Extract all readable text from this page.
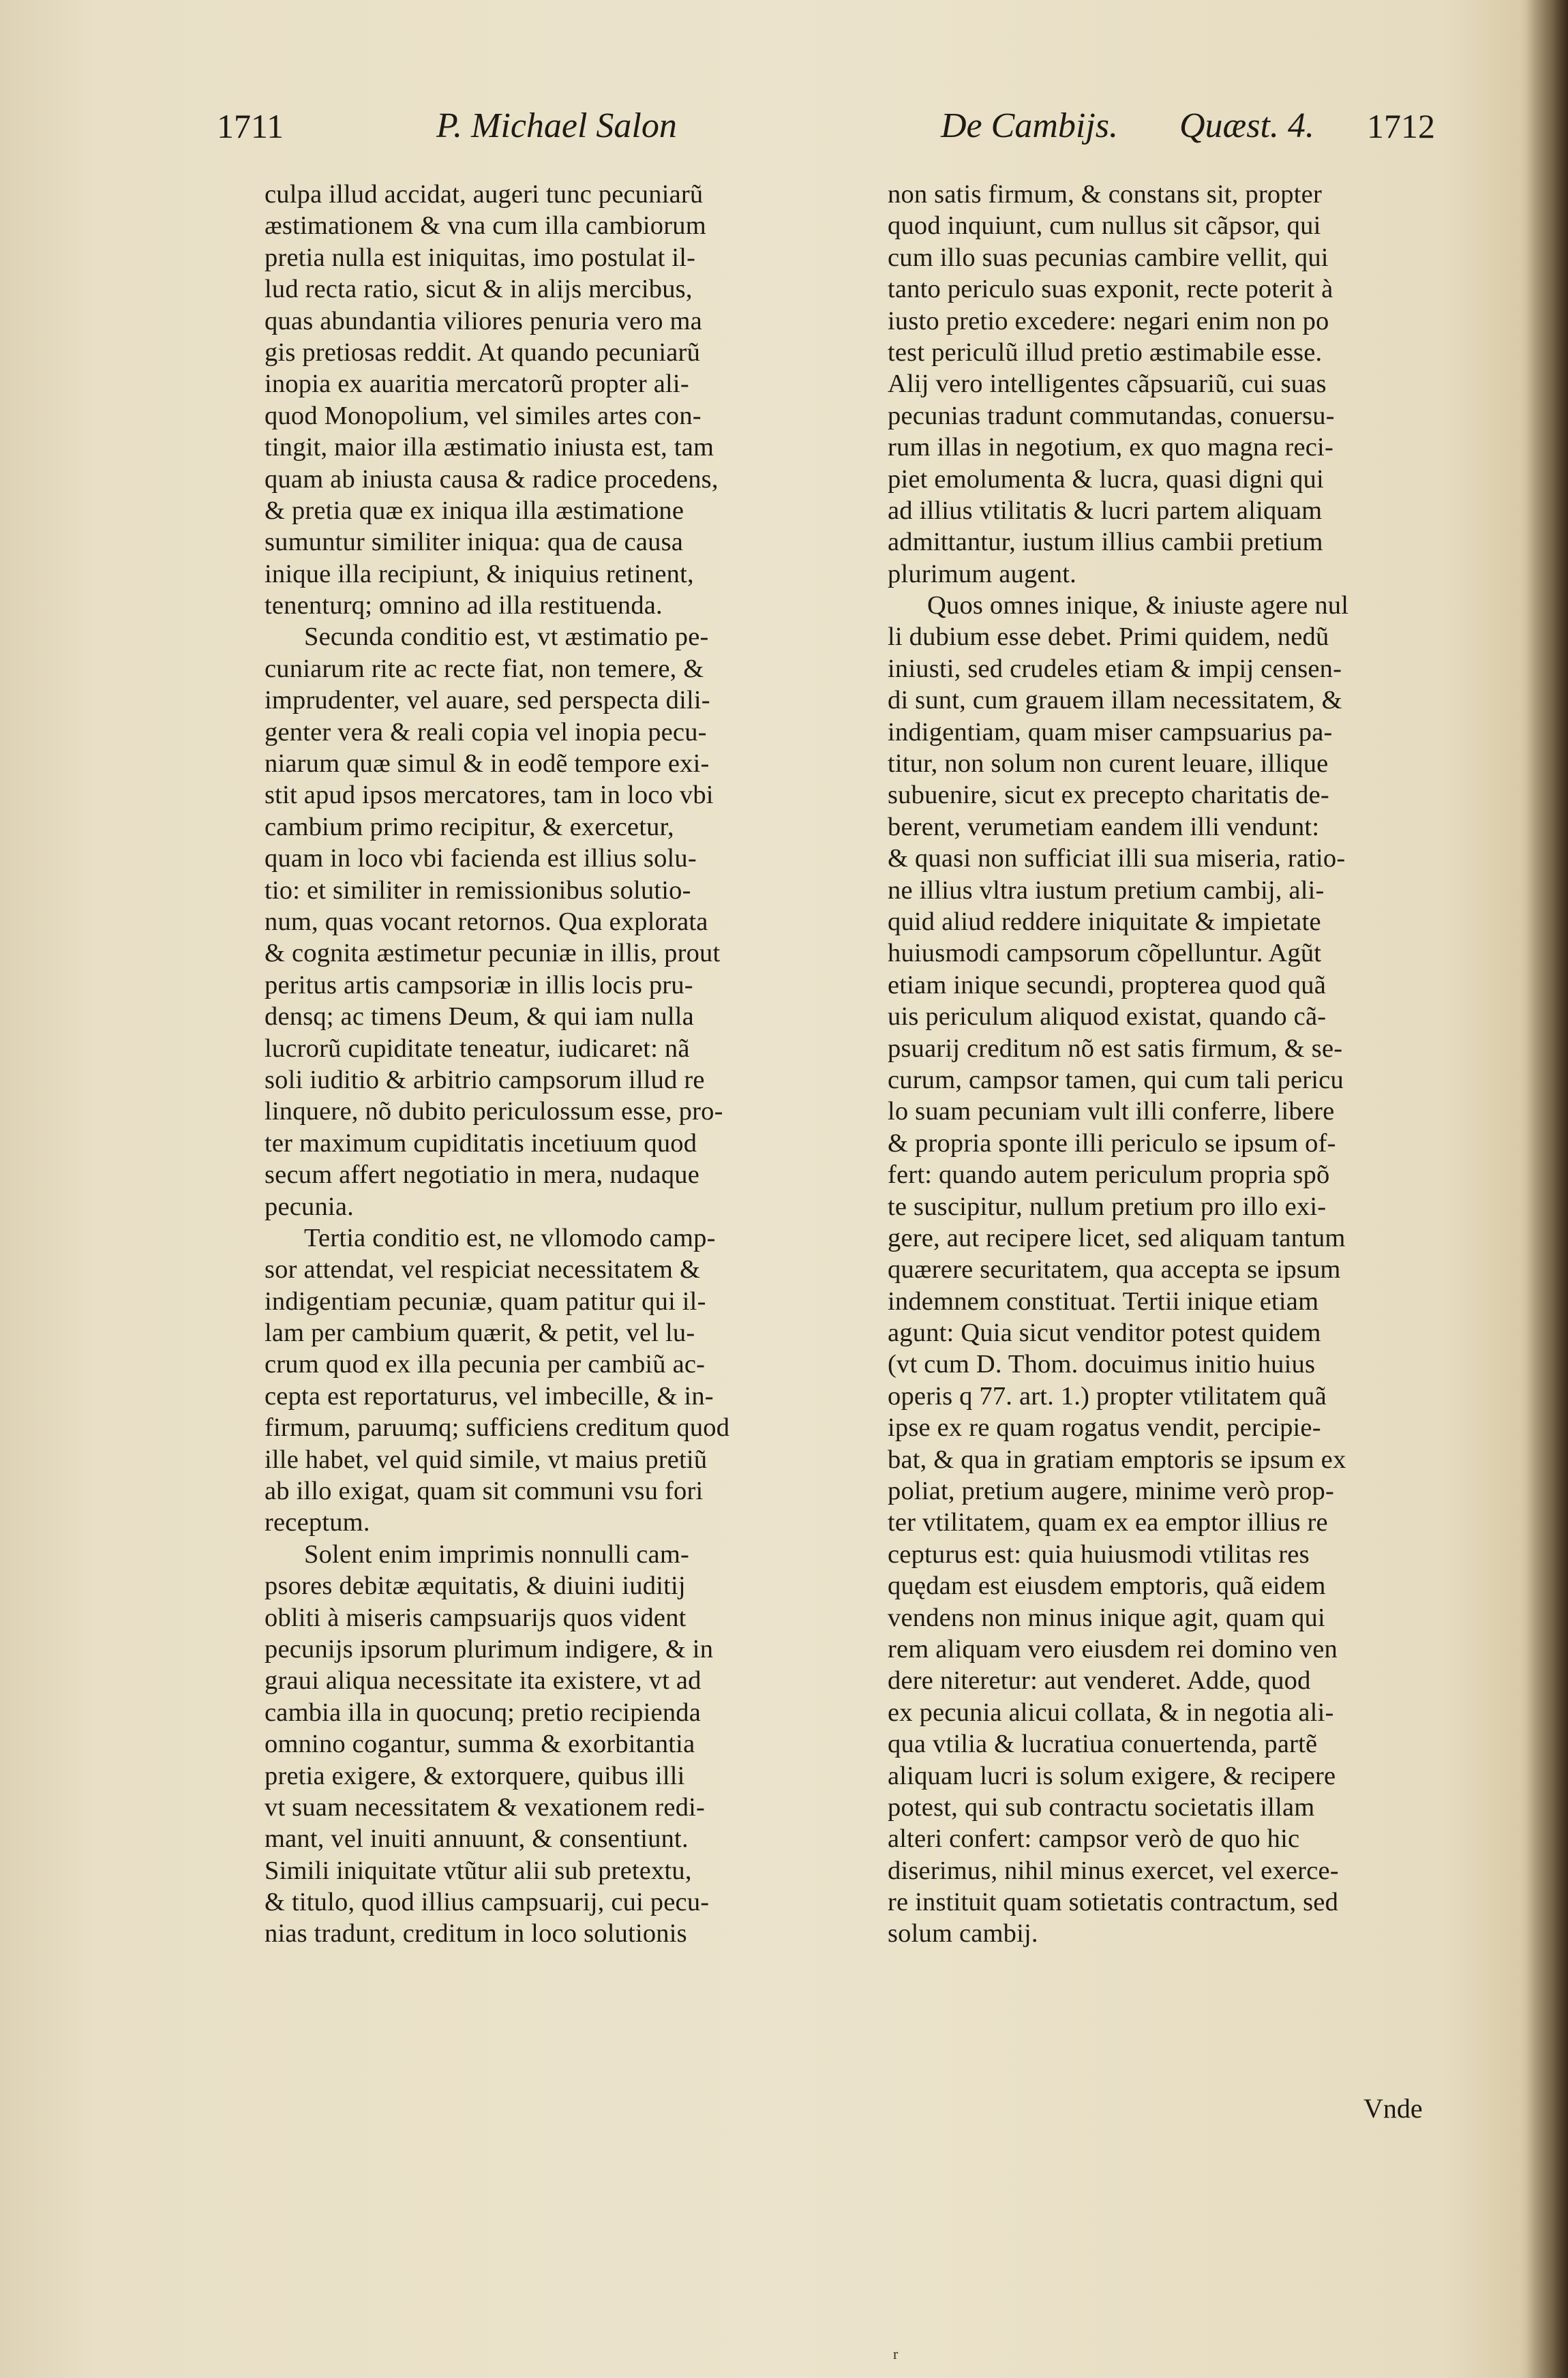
1711	P. Michael Salon	De Cambijs. Quæst. 4. 1712
culpa illud accidat, augeri tunc pecuniarũ
æstimationem & vna cum illa cambiorum
pretia nulla est iniquitas, imo postulat il-
lud recta ratio, sicut & in alijs mercibus,
quas abundantia viliores penuria vero ma
gis pretiosas reddit. At quando pecuniarũ
inopia ex auaritia mercatorũ propter ali-
quod Monopolium, vel similes artes con-
tingit, maior illa æstimatio iniusta est, tam
quam ab iniusta causa & radice procedens,
& pretia quæ ex iniqua illa æstimatione
sumuntur similiter iniqua: qua de causa
inique illa recipiunt, & iniquius retinent,
tenenturq; omnino ad illa restituenda.
Secunda conditio est, vt æstimatio pe-
cuniarum rite ac recte fiat, non temere, &
imprudenter, vel auare, sed perspecta dili-
genter vera & reali copia vel inopia pecu-
niarum quæ simul & in eodẽ tempore exi-
stit apud ipsos mercatores, tam in loco vbi
cambium primo recipitur, & exercetur,
quam in loco vbi facienda est illius solu-
tio: et similiter in remissionibus solutio-
num, quas vocant retornos. Qua explorata
& cognita æstimetur pecuniæ in illis, prout
peritus artis campsoriæ in illis locis pru-
densq; ac timens Deum, & qui iam nulla
lucrorũ cupiditate teneatur, iudicaret: nã
soli iuditio & arbitrio campsorum illud re
linquere, nõ dubito periculossum esse, pro-
ter maximum cupiditatis incetiuum quod
secum affert negotiatio in mera, nudaque
pecunia.
Tertia conditio est, ne vllomodo camp-
sor attendat, vel respiciat necessitatem &
indigentiam pecuniæ, quam patitur qui il-
lam per cambium quærit, & petit, vel lu-
crum quod ex illa pecunia per cambiũ ac-
cepta est reportaturus, vel imbecille, & in-
firmum, paruumq; sufficiens creditum quod
ille habet, vel quid simile, vt maius pretiũ
ab illo exigat, quam sit communi vsu fori
receptum.
Solent enim imprimis nonnulli cam-
psores debitæ æquitatis, & diuini iuditij
obliti à miseris campsuarijs quos vident
pecunijs ipsorum plurimum indigere, & in
graui aliqua necessitate ita existere, vt ad
cambia illa in quocunq; pretio recipienda
omnino cogantur, summa & exorbitantia
pretia exigere, & extorquere, quibus illi
vt suam necessitatem & vexationem redi-
mant, vel inuiti annuunt, & consentiunt.
Simili iniquitate vtũtur alii sub pretextu,
& titulo, quod illius campsuarij, cui pecu-
nias tradunt, creditum in loco solutionis
non satis firmum, & constans sit, propter
quod inquiunt, cum nullus sit cãpsor, qui
cum illo suas pecunias cambire vellit, qui
tanto periculo suas exponit, recte poterit à
iusto pretio excedere: negari enim non po
test periculũ illud pretio æstimabile esse.
Alij vero intelligentes cãpsuariũ, cui suas
pecunias tradunt commutandas, conuersu-
rum illas in negotium, ex quo magna reci-
piet emolumenta & lucra, quasi digni qui
ad illius vtilitatis & lucri partem aliquam
admittantur, iustum illius cambii pretium
plurimum augent.
Quos omnes inique, & iniuste agere nul
li dubium esse debet. Primi quidem, nedũ
iniusti, sed crudeles etiam & impij censen-
di sunt, cum grauem illam necessitatem, &
indigentiam, quam miser campsuarius pa-
titur, non solum non curent leuare, illique
subuenire, sicut ex precepto charitatis de-
berent, verumetiam eandem illi vendunt:
& quasi non sufficiat illi sua miseria, ratio-
ne illius vltra iustum pretium cambij, ali-
quid aliud reddere iniquitate & impietate
huiusmodi campsorum cõpelluntur. Agũt
etiam inique secundi, propterea quod quã
uis periculum aliquod existat, quando cã-
psuarij creditum nõ est satis firmum, & se-
curum, campsor tamen, qui cum tali pericu
lo suam pecuniam vult illi conferre, libere
& propria sponte illi periculo se ipsum of-
fert: quando autem periculum propria spõ
te suscipitur, nullum pretium pro illo exi-
gere, aut recipere licet, sed aliquam tantum
quærere securitatem, qua accepta se ipsum
indemnem constituat. Tertii inique etiam
agunt: Quia sicut venditor potest quidem
(vt cum D. Thom. docuimus initio huius
operis q 77. art. 1.) propter vtilitatem quã
ipse ex re quam rogatus vendit, percipie-
bat, & qua in gratiam emptoris se ipsum ex
poliat, pretium augere, minime verò prop-
ter vtilitatem, quam ex ea emptor illius re
cepturus est: quia huiusmodi vtilitas res
quędam est eiusdem emptoris, quã eidem
vendens non minus inique agit, quam qui
rem aliquam vero eiusdem rei domino ven
dere niteretur: aut venderet. Adde, quod
ex pecunia alicui collata, & in negotia ali-
qua vtilia & lucratiua conuertenda, partẽ
aliquam lucri is solum exigere, & recipere
potest, qui sub contractu societatis illam
alteri confert: campsor verò de quo hic
diserimus, nihil minus exercet, vel exerce-
re instituit quam sotietatis contractum, sed
solum cambij.
Vnde
r
